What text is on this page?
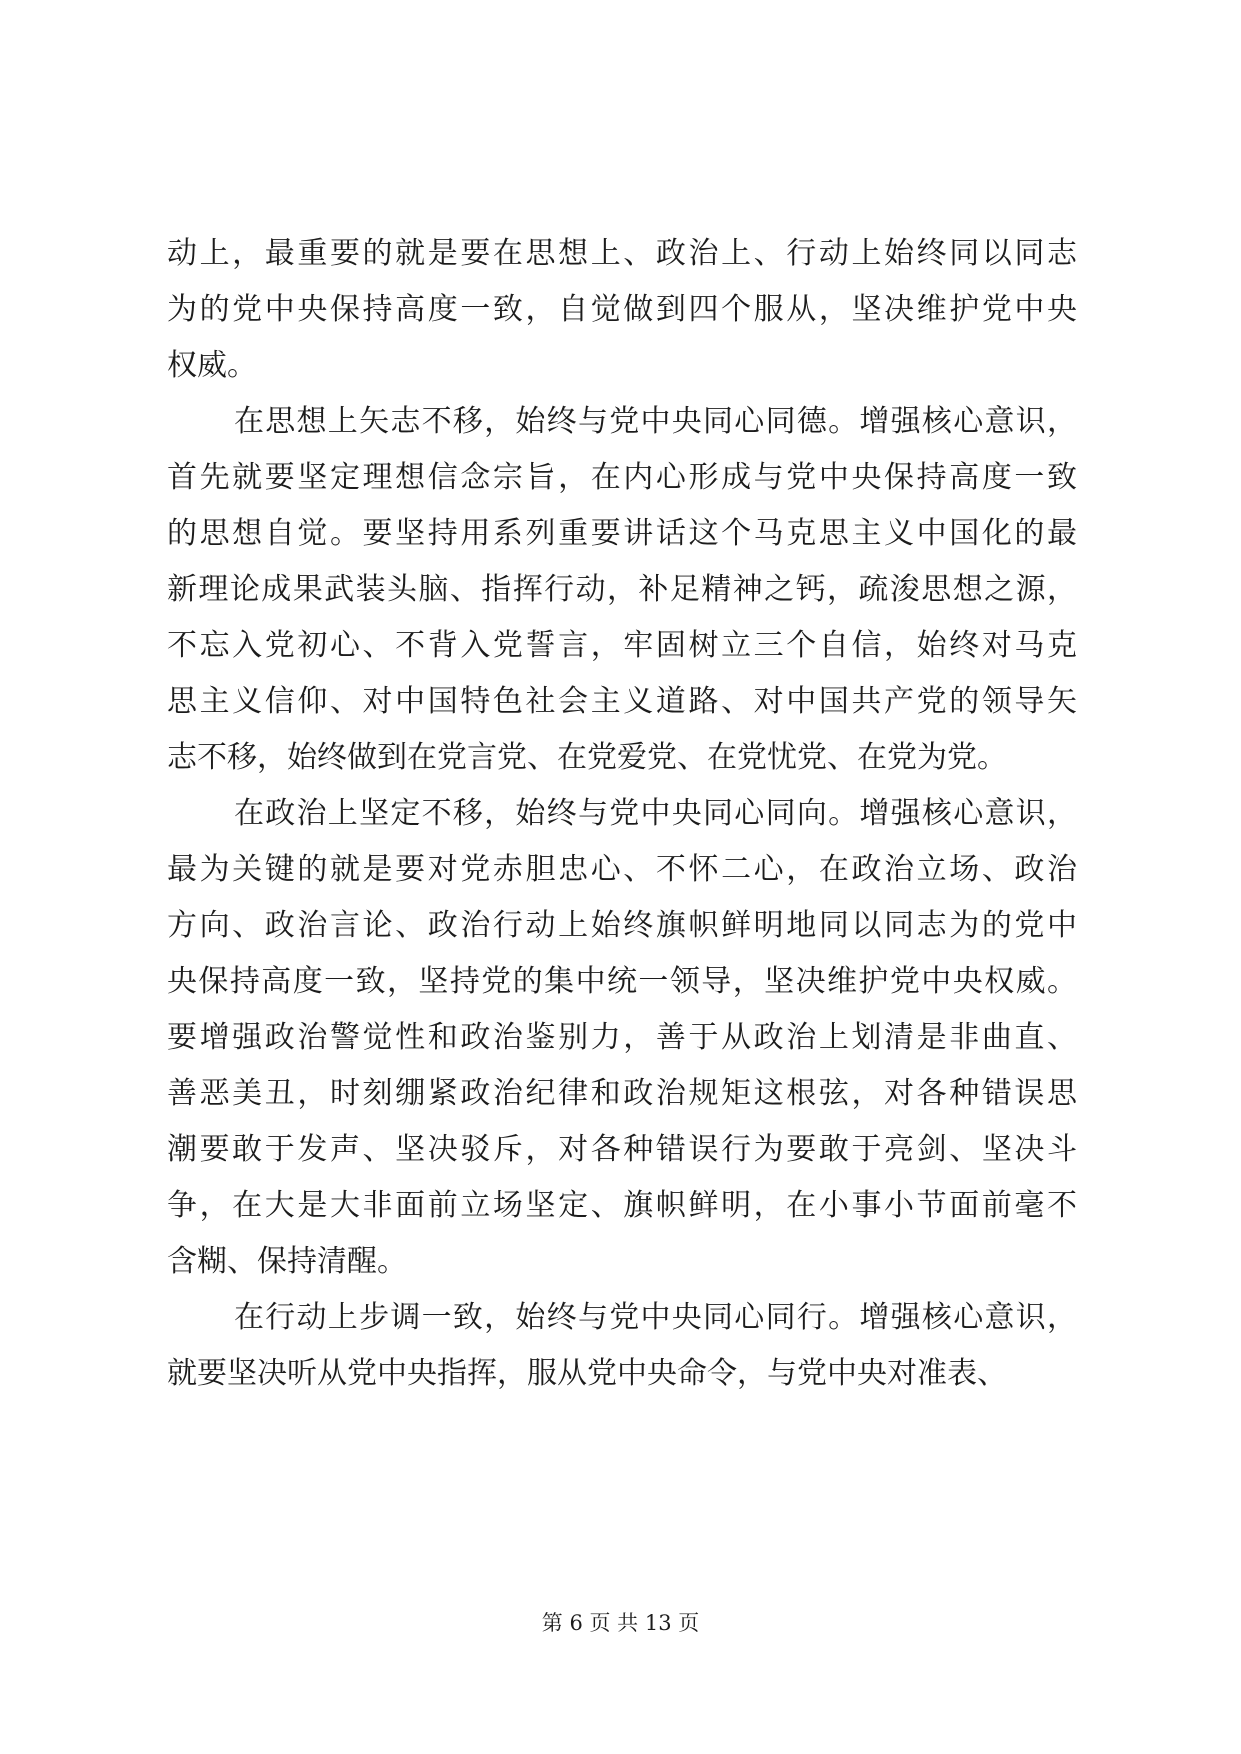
动上，最重要的就是要在思想上、政治上、行动上始终同以同志
为的党中央保持高度一致，自觉做到四个服从，坚决维护党中央
权威。
在思想上矢志不移，始终与党中央同心同德。增强核心意识，
首先就要坚定理想信念宗旨，在内心形成与党中央保持高度一致
的思想自觉。要坚持用系列重要讲话这个马克思主义中国化的最
新理论成果武装头脑、指挥行动，补足精神之钙，疏浚思想之源，
不忘入党初心、不背入党誓言，牢固树立三个自信，始终对马克
思主义信仰、对中国特色社会主义道路、对中国共产党的领导矢
志不移，始终做到在党言党、在党爱党、在党忧党、在党为党。
在政治上坚定不移，始终与党中央同心同向。增强核心意识，
最为关键的就是要对党赤胆忠心、不怀二心，在政治立场、政治
方向、政治言论、政治行动上始终旗帜鲜明地同以同志为的党中
央保持高度一致，坚持党的集中统一领导，坚决维护党中央权威。
要增强政治警觉性和政治鉴别力，善于从政治上划清是非曲直、
善恶美丑，时刻绷紧政治纪律和政治规矩这根弦，对各种错误思
潮要敢于发声、坚决驳斥，对各种错误行为要敢于亮剑、坚决斗
争，在大是大非面前立场坚定、旗帜鲜明，在小事小节面前毫不
含糊、保持清醒。
在行动上步调一致，始终与党中央同心同行。增强核心意识，
就要坚决听从党中央指挥，服从党中央命令，与党中央对准表、
第 6 页 共 13 页
